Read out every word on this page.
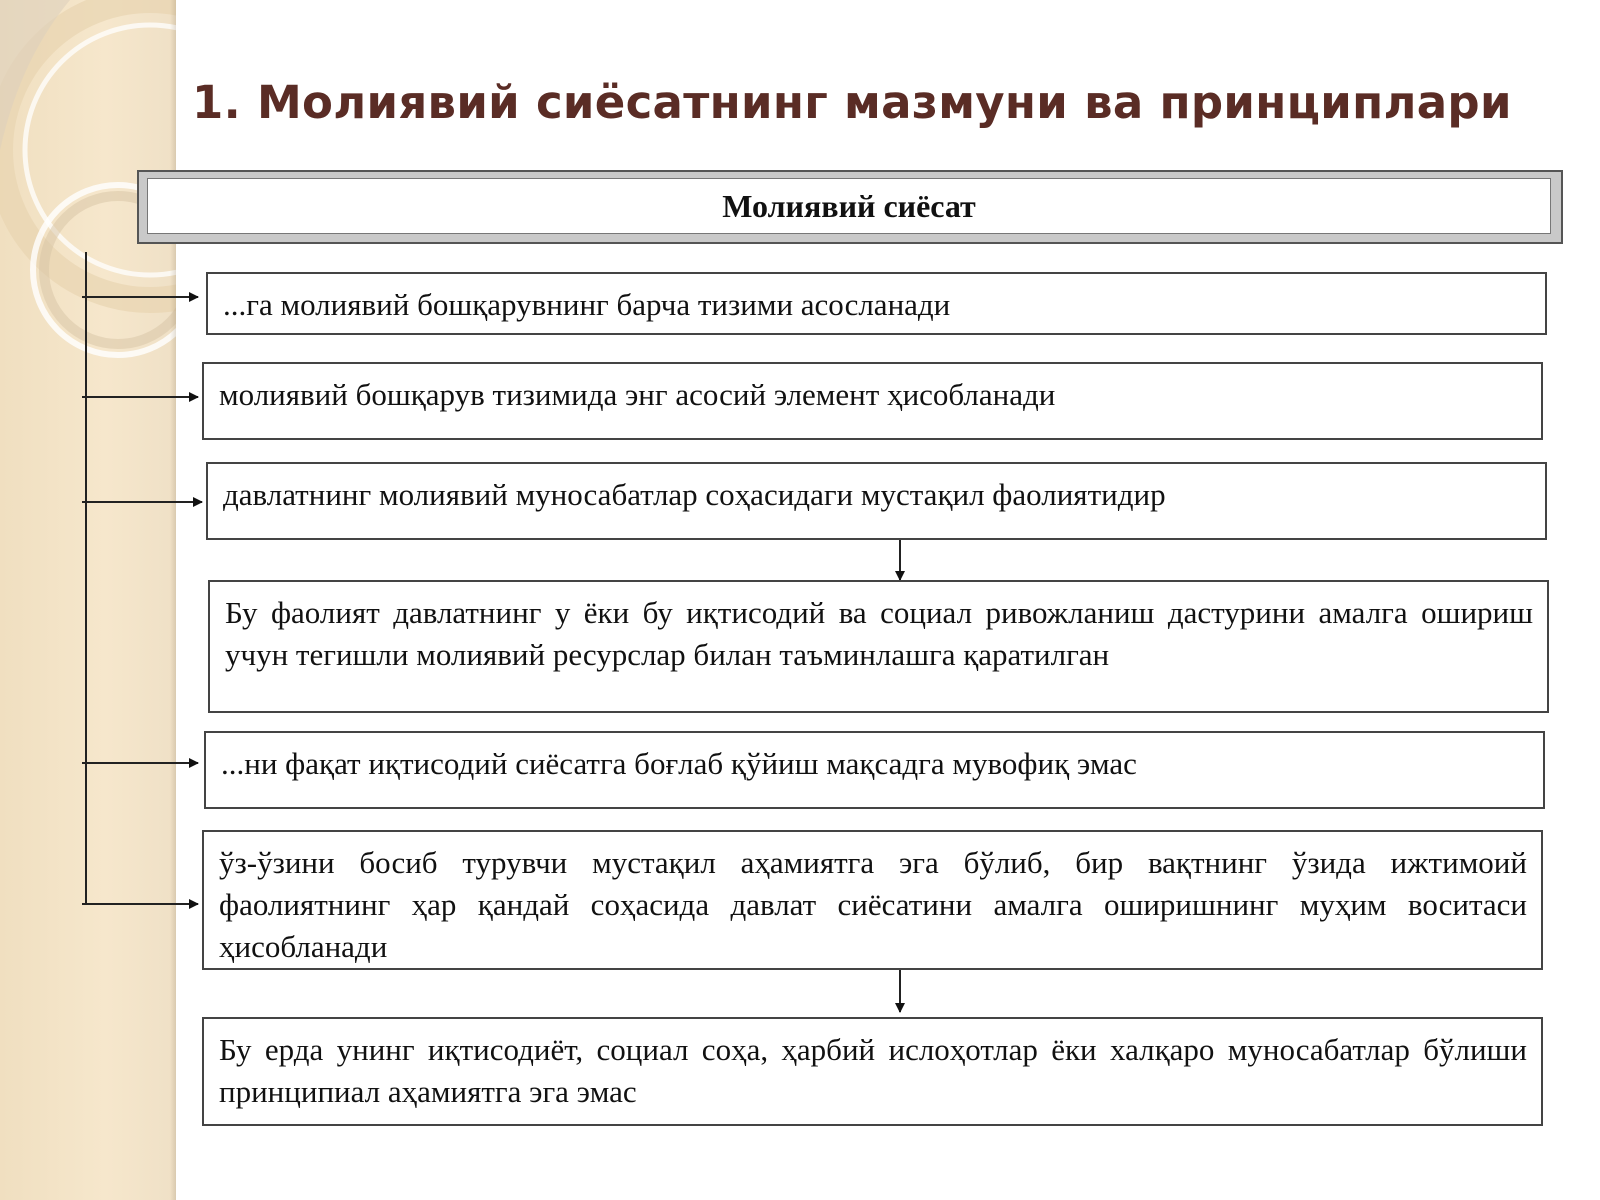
1. Молиявий сиёсатнинг мазмуни ва принциплари
Молиявий сиёсат
...га молиявий бошқарувнинг барча тизими асосланади
молиявий бошқарув тизимида энг асосий элемент ҳисобланади
давлатнинг молиявий муносабатлар соҳасидаги мустақил фаолиятидир
Бу фаолият давлатнинг у ёки бу иқтисодий ва социал ривожланиш дастурини амалга ошириш учун тегишли молиявий ресурслар билан таъминлашга қаратилган
...ни фақат иқтисодий сиёсатга боғлаб қўйиш мақсадга мувофиқ эмас
ўз-ўзини босиб турувчи мустақил аҳамиятга эга бўлиб, бир вақтнинг ўзида ижтимоий фаолиятнинг ҳар қандай соҳасида давлат сиёсатини амалга оширишнинг муҳим воситаси ҳисобланади
Бу ерда унинг иқтисодиёт, социал соҳа, ҳарбий ислоҳотлар ёки халқаро муносабатлар бўлиши принципиал аҳамиятга эга эмас
